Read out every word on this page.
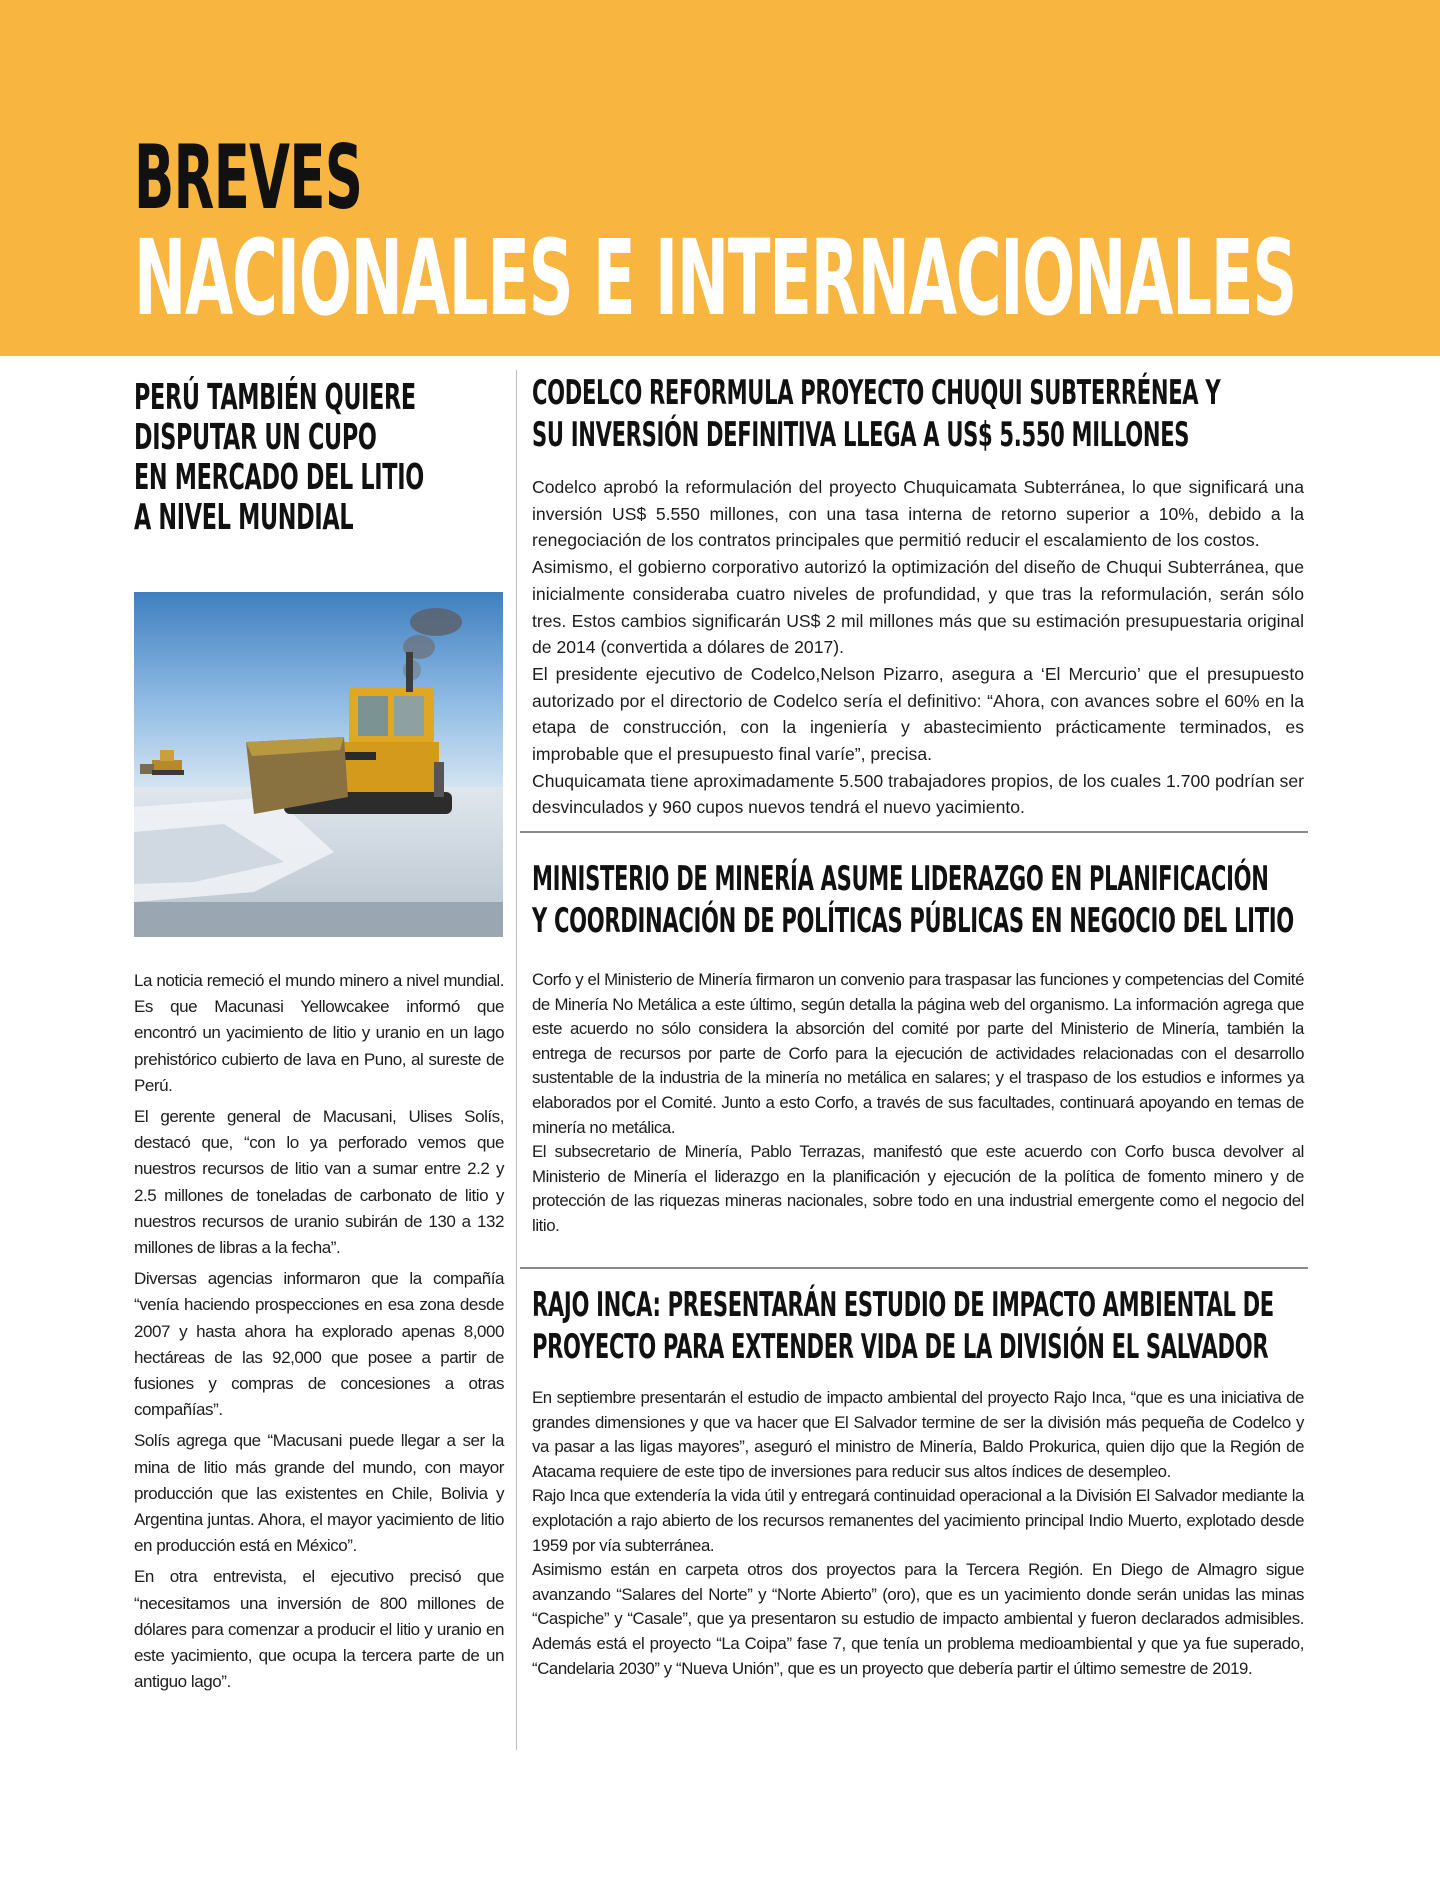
BREVES
NACIONALES E INTERNACIONALES
PERÚ TAMBIÉN QUIERE
DISPUTAR UN CUPO
EN MERCADO DEL LITIO
A NIVEL MUNDIAL

La noticia remeció el mundo minero a nivel mundial. Es que Macunasi Yellowcakee informó que encontró un yacimiento de litio y uranio en un lago prehistórico cubierto de lava en Puno, al sureste de Perú.

El gerente general de Macusani, Ulises Solís, destacó que, “con lo ya perforado vemos que nuestros recursos de litio van a sumar entre 2.2 y 2.5 millones de toneladas de carbonato de litio y nuestros recursos de uranio subirán de 130 a 132 millones de libras a la fecha”.

Diversas agencias informaron que la compañía “venía haciendo prospecciones en esa zona desde 2007 y hasta ahora ha explorado apenas 8,000 hectáreas de las 92,000 que posee a partir de fusiones y compras de concesiones a otras compañías”.

Solís agrega que “Macusani puede llegar a ser la mina de litio más grande del mundo, con mayor producción que las existentes en Chile, Bolivia y Argentina juntas. Ahora, el mayor yacimiento de litio en producción está en México”.

En otra entrevista, el ejecutivo precisó que “necesitamos una inversión de 800 millones de dólares para comenzar a producir el litio y uranio en este yacimiento, que ocupa la tercera parte de un antiguo lago”.

CODELCO REFORMULA PROYECTO CHUQUI SUBTERRÉNEA Y
SU INVERSIÓN DEFINITIVA LLEGA A US$ 5.550 MILLONES

Codelco aprobó la reformulación del proyecto Chuquicamata Subterránea, lo que significará una inversión US$ 5.550 millones, con una tasa interna de retorno superior a 10%, debido a la renegociación de los contratos principales que permitió reducir el escalamiento de los costos.

Asimismo, el gobierno corporativo autorizó la optimización del diseño de Chuqui Subterránea, que inicialmente consideraba cuatro niveles de profundidad, y que tras la reformulación, serán sólo tres. Estos cambios significarán US$ 2 mil millones más que su estimación presupuestaria original de 2014 (convertida a dólares de 2017).

El presidente ejecutivo de Codelco,Nelson Pizarro, asegura a ‘El Mercurio’ que el presupuesto autorizado por el directorio de Codelco sería el definitivo: “Ahora, con avances sobre el 60% en la etapa de construcción, con la ingeniería y abastecimiento prácticamente terminados, es improbable que el presupuesto final varíe”, precisa.

Chuquicamata tiene aproximadamente 5.500 trabajadores propios, de los cuales 1.700 podrían ser desvinculados y 960 cupos nuevos tendrá el nuevo yacimiento.

MINISTERIO DE MINERÍA ASUME LIDERAZGO EN PLANIFICACIÓN
Y COORDINACIÓN DE POLÍTICAS PÚBLICAS EN NEGOCIO DEL LITIO

Corfo y el Ministerio de Minería firmaron un convenio para traspasar las funciones y competencias del Comité de Minería No Metálica a este último, según detalla la página web del organismo. La información agrega que este acuerdo no sólo considera la absorción del comité por parte del Ministerio de Minería, también la entrega de recursos por parte de Corfo para la ejecución de actividades relacionadas con el desarrollo sustentable de la industria de la minería no metálica en salares; y el traspaso de los estudios e informes ya elaborados por el Comité. Junto a esto Corfo, a través de sus facultades, continuará apoyando en temas de minería no metálica.

El subsecretario de Minería, Pablo Terrazas, manifestó que este acuerdo con Corfo busca devolver al Ministerio de Minería el liderazgo en la planificación y ejecución de la política de fomento minero y de protección de las riquezas mineras nacionales, sobre todo en una industrial emergente como el negocio del litio.

RAJO INCA: PRESENTARÁN ESTUDIO DE IMPACTO AMBIENTAL DE
PROYECTO PARA EXTENDER VIDA DE LA DIVISIÓN EL SALVADOR

En septiembre presentarán el estudio de impacto ambiental del proyecto Rajo Inca, “que es una iniciativa de grandes dimensiones y que va hacer que El Salvador termine de ser la división más pequeña de Codelco y va pasar a las ligas mayores”, aseguró el ministro de Minería, Baldo Prokurica, quien dijo que la Región de Atacama requiere de este tipo de inversiones para reducir sus altos índices de desempleo.

Rajo Inca que extendería la vida útil y entregará continuidad operacional a la División El Salvador mediante la explotación a rajo abierto de los recursos remanentes del yacimiento principal Indio Muerto, explotado desde 1959 por vía subterránea.

Asimismo están en carpeta otros dos proyectos para la Tercera Región. En Diego de Almagro sigue avanzando “Salares del Norte” y “Norte Abierto” (oro), que es un yacimiento donde serán unidas las minas “Caspiche” y “Casale”, que ya presentaron su estudio de impacto ambiental y fueron declarados admisibles. Además está el proyecto “La Coipa” fase 7, que tenía un problema medioambiental y que ya fue superado, “Candelaria 2030” y “Nueva Unión”, que es un proyecto que debería partir el último semestre de 2019.
